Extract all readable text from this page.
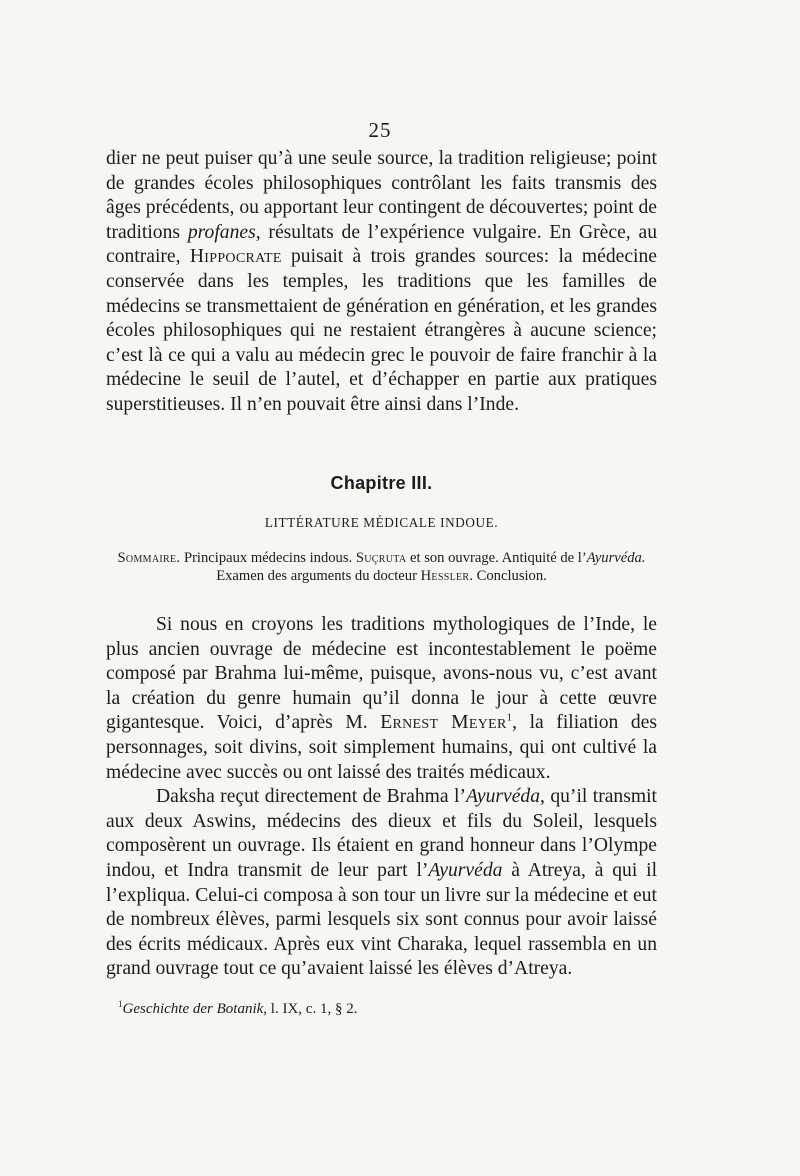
25

dier ne peut puiser qu’à une seule source, la tradition religieuse; point de grandes écoles philosophiques contrôlant les faits transmis des âges précédents, ou apportant leur contingent de découvertes; point de traditions profanes, résultats de l’expérience vulgaire. En Grèce, au contraire, Hippocrate puisait à trois grandes sources: la médecine conservée dans les temples, les traditions que les familles de médecins se transmettaient de génération en génération, et les grandes écoles philosophiques qui ne restaient étrangères à aucune science; c’est là ce qui a valu au médecin grec le pouvoir de faire franchir à la médecine le seuil de l’autel, et d’échapper en partie aux pratiques superstitieuses. Il n’en pouvait être ainsi dans l’Inde.

Chapitre III.
LITTÉRATURE MÉDICALE INDOUE.

Sommaire. Principaux médecins indous. Suçruta et son ouvrage. Antiquité de l’Ayurvéda.

Examen des arguments du docteur Hessler. Conclusion.

Si nous en croyons les traditions mythologiques de l’Inde, le plus ancien ouvrage de médecine est incontestablement le poëme composé par Brahma lui-même, puisque, avons-nous vu, c’est avant la création du genre humain qu’il donna le jour à cette œuvre gigantesque. Voici, d’après M. Ernest Meyer$^1$, la filiation des personnages, soit divins, soit simplement humains, qui ont cultivé la médecine avec succès ou ont laissé des traités médicaux.

Daksha reçut directement de Brahma l’Ayurvéda, qu’il transmit aux deux Aswins, médecins des dieux et fils du Soleil, lesquels composèrent un ouvrage. Ils étaient en grand honneur dans l’Olympe indou, et Indra transmit de leur part l’Ayurvéda à Atreya, à qui il l’expliqua. Celui-ci composa à son tour un livre sur la médecine et eut de nombreux élèves, parmi lesquels six sont connus pour avoir laissé des écrits médicaux. Après eux vint Charaka, lequel rassembla en un grand ouvrage tout ce qu’avaient laissé les élèves d’Atreya.

$^1$Geschichte der Botanik, l. IX, c. 1, § 2.
